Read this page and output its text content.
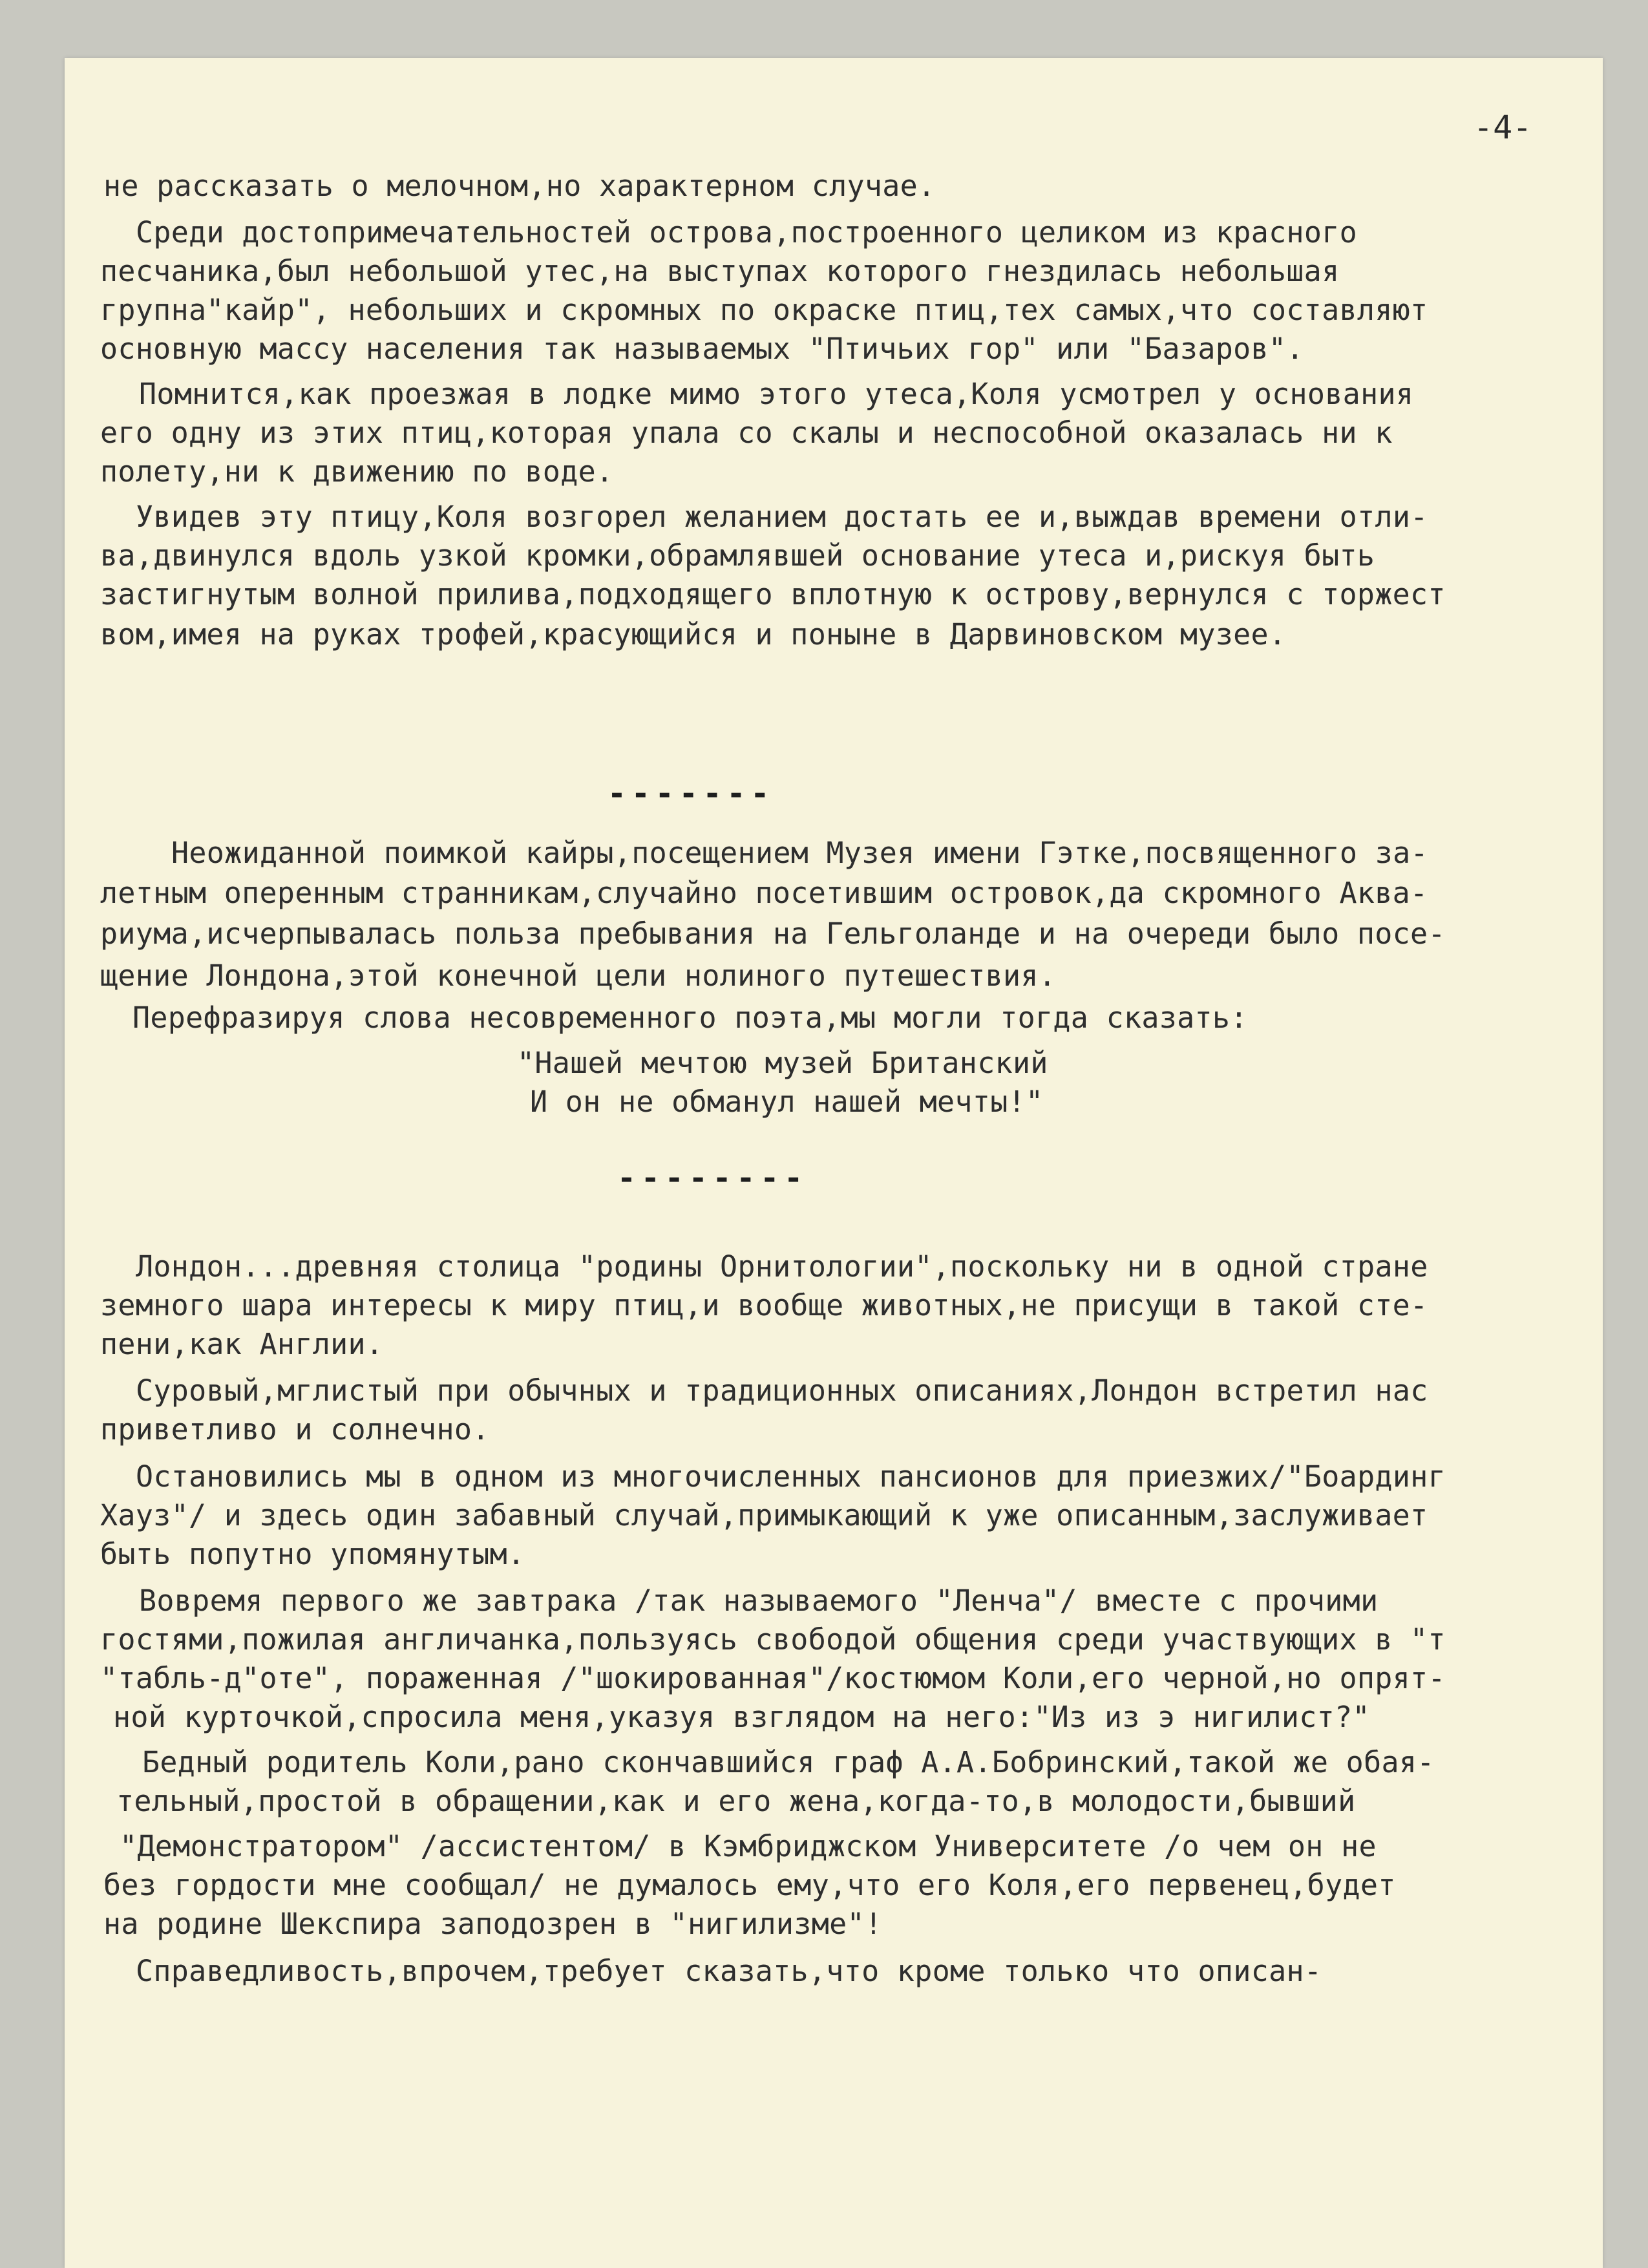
-4-
не рассказать о мелочном,но характерном случае.
Среди достопримечательностей острова,построенного целиком из красного
песчаника,был небольшой утес,на выступах которого гнездилась небольшая
групна"кайр", небольших и скромных по окраске птиц,тех самых,что составляют
основную массу населения так называемых "Птичьих гор" или "Базаров".
Помнится,как проезжая в лодке мимо этого утеса,Коля усмотрел у основания
его одну из этих птиц,которая упала со скалы и неспособной оказалась ни к
полету,ни к движению по воде.
Увидев эту птицу,Коля возгорел желанием достать ее и,выждав времени отли-
ва,двинулся вдоль узкой кромки,обрамлявшей основание утеса и,рискуя быть
застигнутым волной прилива,подходящего вплотную к острову,вернулся с торжест
вом,имея на руках трофей,красующийся и поныне в Дарвиновском музее.
-------
Неожиданной поимкой кайры,посещением Музея имени Гэтке,посвященного за-
летным оперенным странникам,случайно посетившим островок,да скромного Аква-
риума,исчерпывалась польза пребывания на Гельголанде и на очереди было посе-
щение Лондона,этой конечной цели нолиного путешествия.
Перефразируя слова несовременного поэта,мы могли тогда сказать:
"Нашей мечтою музей Британский
И он не обманул нашей мечты!"
--------
Лондон...древняя столица "родины Орнитологии",поскольку ни в одной стране
земного шара интересы к миру птиц,и вообще животных,не присущи в такой сте-
пени,как Англии.
Суровый,мглистый при обычных и традиционных описаниях,Лондон встретил нас
приветливо и солнечно.
Остановились мы в одном из многочисленных пансионов для приезжих/"Боардинг
Хауз"/ и здесь один забавный случай,примыкающий к уже описанным,заслуживает
быть попутно упомянутым.
Вовремя первого же завтрака /так называемого "Ленча"/ вместе с прочими
гостями,пожилая англичанка,пользуясь свободой общения среди участвующих в "т
"табль-д"оте", пораженная /"шокированная"/костюмом Коли,его черной,но опрят-
ной курточкой,спросила меня,указуя взглядом на него:"Из из э нигилист?"
Бедный родитель Коли,рано скончавшийся граф А.А.Бобринский,такой же обая-
тельный,простой в обращении,как и его жена,когда-то,в молодости,бывший
"Демонстратором" /ассистентом/ в Кэмбриджском Университете /о чем он не
без гордости мне сообщал/ не думалось ему,что его Коля,его первенец,будет
на родине Шекспира заподозрен в "нигилизме"!
Справедливость,впрочем,требует сказать,что кроме только что описан-
